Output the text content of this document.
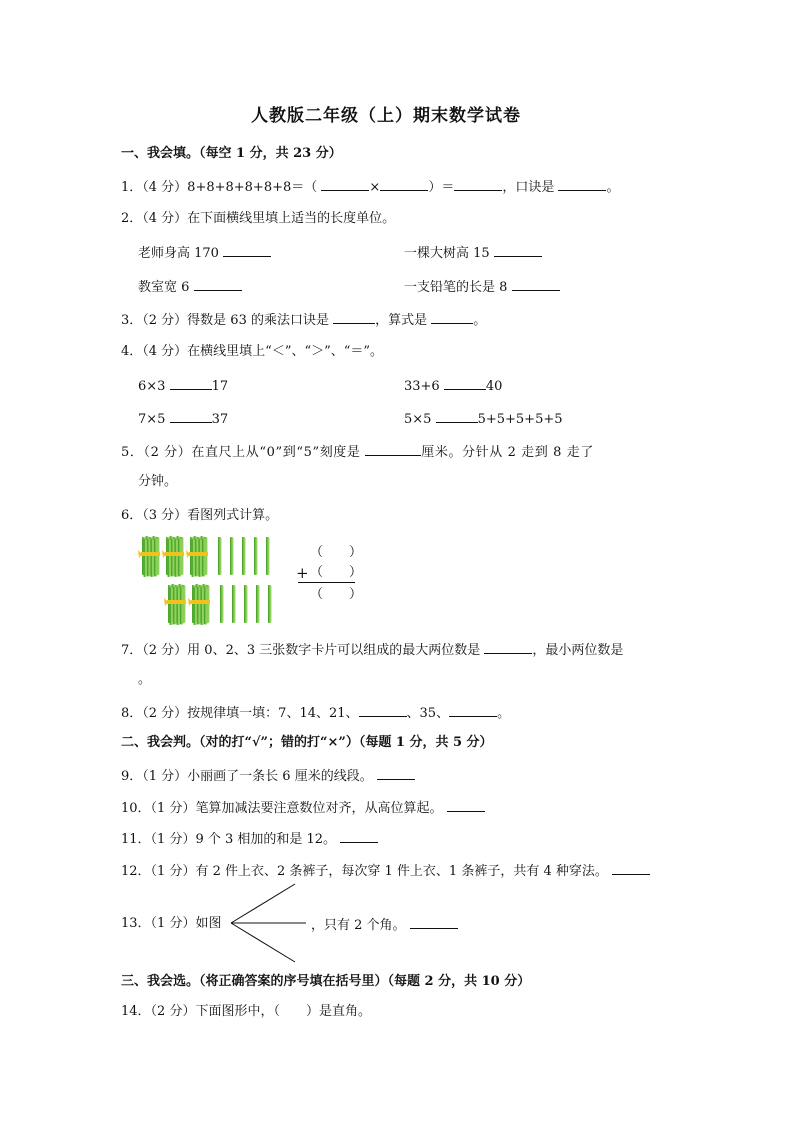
人教版二年级（上）期末数学试卷
一、我会填。（每空 1 分，共 23 分）
1．（4 分）8+8+8+8+8+8＝（	×	）＝	，口诀是	。
2．（4 分）在下面横线里填上适当的长度单位。
老师身高 170	一棵大树高 15
教室宽 6	一支铅笔的长是 8
3．（2 分）得数是 63 的乘法口诀是	，算式是	。
4．（4 分）在横线里填上“＜”、“＞”、“＝”。
6×3	17	33+6	40
7×5	37	5×5	5+5+5+5+5
5．（2 分）在直尺上从“0”到“5”刻度是	厘米。分针从 2 走到 8 走了
分钟。
6．（3 分）看图列式计算。
（   ）
+ （   ）
（   ）
7．（2 分）用 0、2、3 三张数字卡片可以组成的最大两位数是	，最小两位数是
。
8．（2 分）按规律填一填：7、14、21、	、35、	。
二、我会判。（对的打“√”；错的打“×”）（每题 1 分，共 5 分）
9．（1 分）小丽画了一条长 6 厘米的线段。
10．（1 分）笔算加减法要注意数位对齐，从高位算起。
11．（1 分）9 个 3 相加的和是 12。
12．（1 分）有 2 件上衣、2 条裤子，每次穿 1 件上衣、1 条裤子，共有 4 种穿法。
13．（1 分）如图	，只有 2 个角。
三、我会选。（将正确答案的序号填在括号里）（每题 2 分，共 10 分）
14．（2 分）下面图形中，（　　）是直角。
